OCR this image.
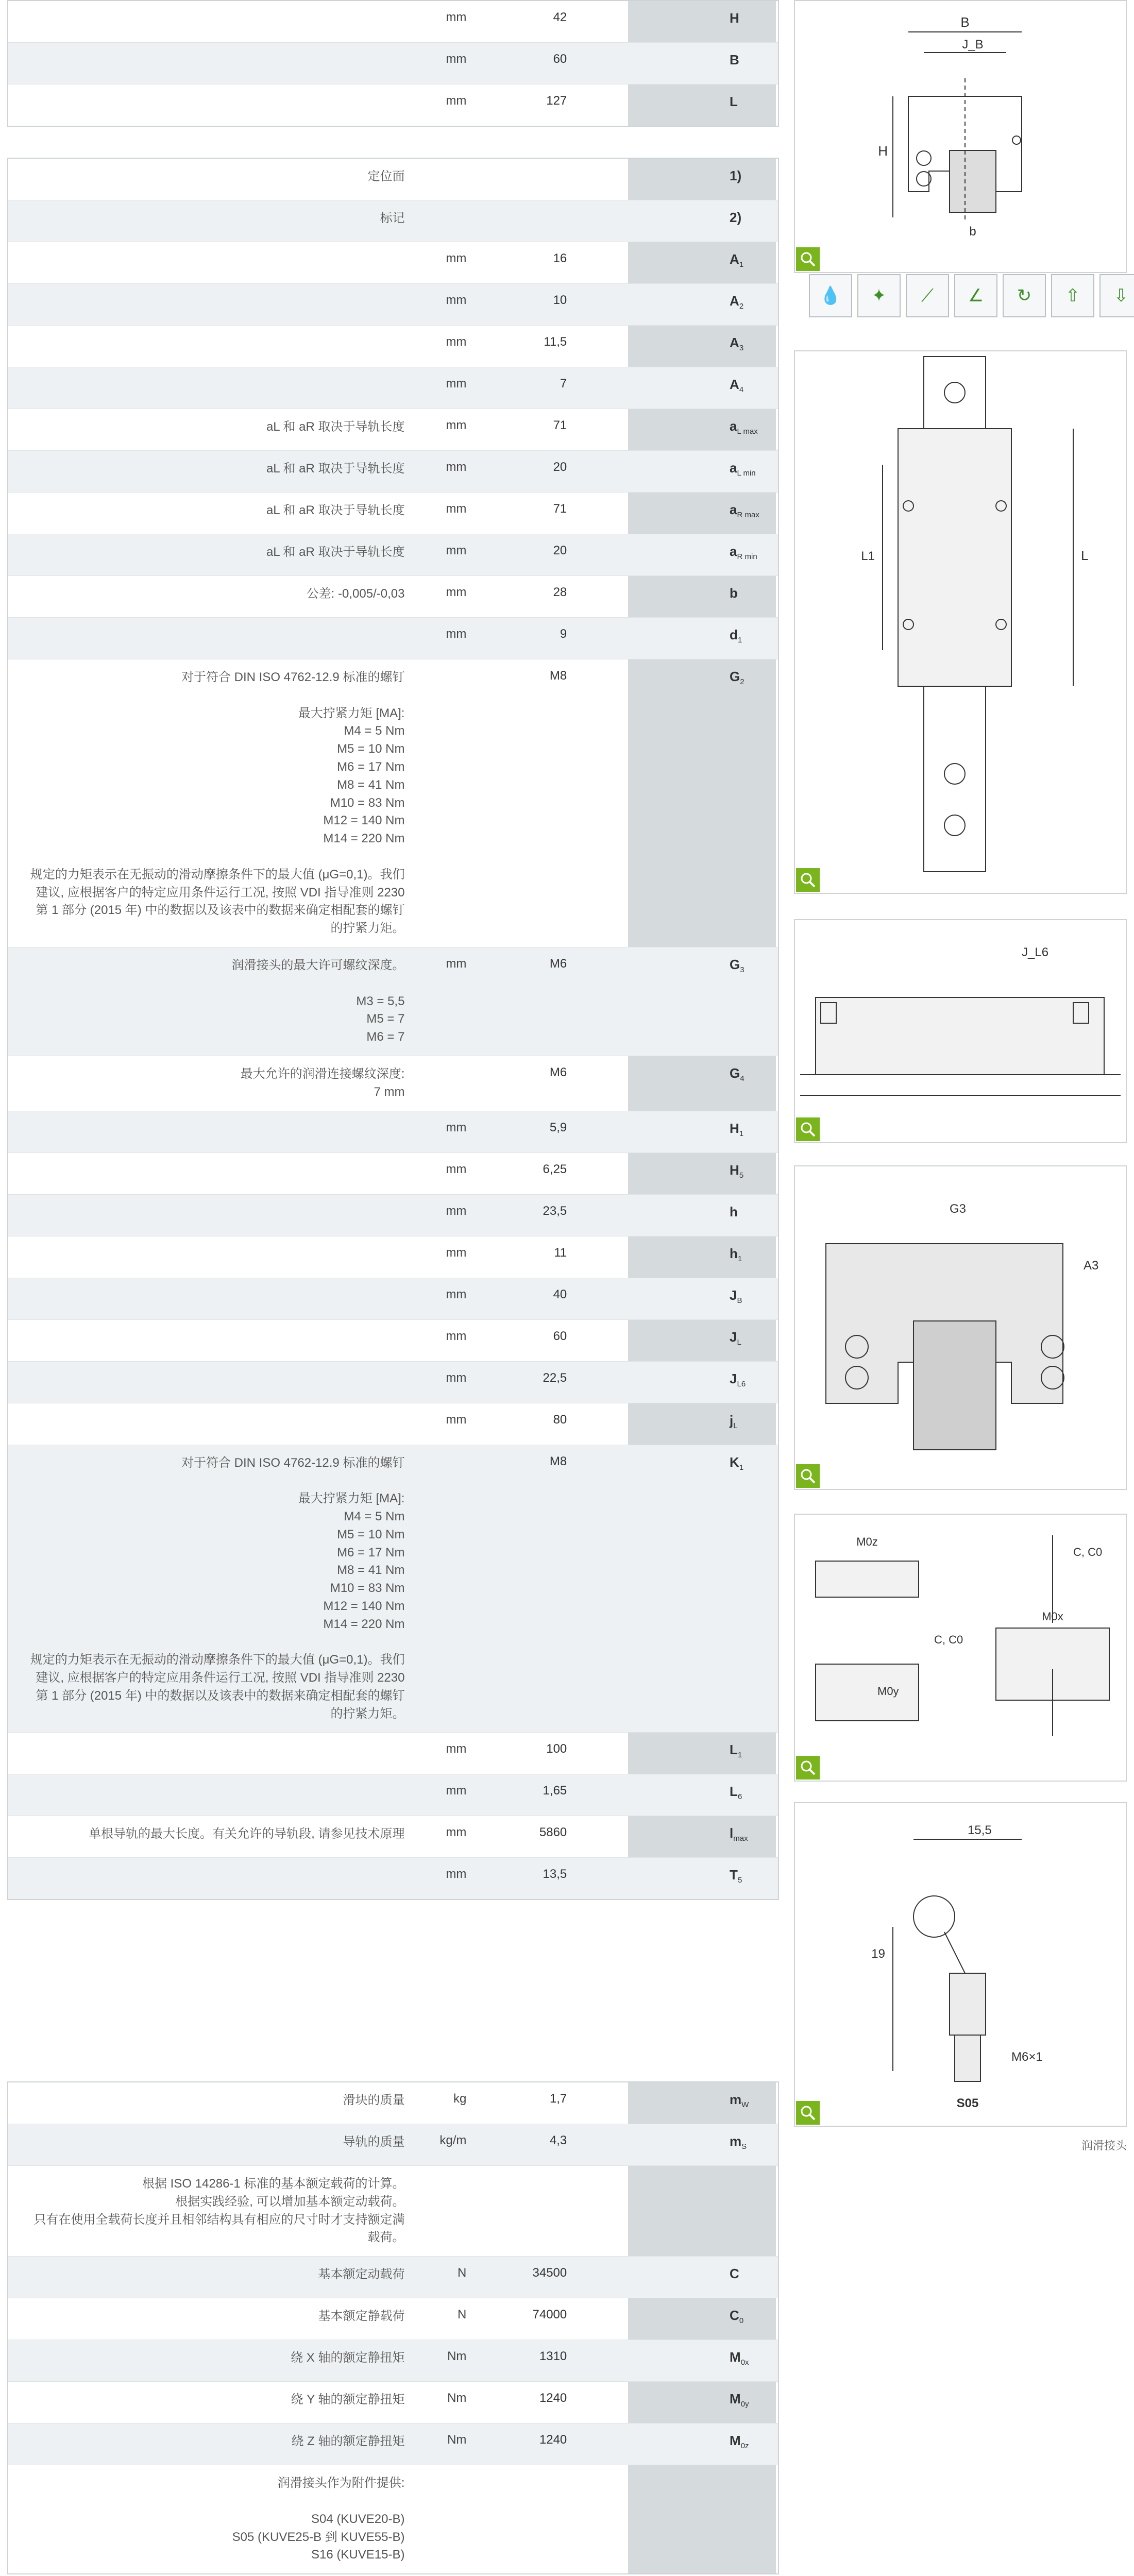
mm	42	H
mm	60	B
mm	127	L
定位面	1)
标记	2)
mm	16	$A_1$
mm	10	$A_2$
mm	11,5	$A_3$
mm	7	$A_4$
aL 和 aR 取决于导轨长度	mm	71	$a_{L max}$
aL 和 aR 取决于导轨长度	mm	20	$a_{L min}$
aL 和 aR 取决于导轨长度	mm	71	$a_{R max}$
aL 和 aR 取决于导轨长度	mm	20	$a_{R min}$
公差: -0,005/-0,03	mm	28	b
mm	9	$d_1$
对于符合 DIN ISO 4762-12.9 标准的螺钉

最大拧紧力矩 [MA]:
M4 = 5 Nm
M5 = 10 Nm
M6 = 17 Nm
M8 = 41 Nm
M10 = 83 Nm
M12 = 140 Nm
M14 = 220 Nm

规定的力矩表示在无振动的滑动摩擦条件下的最大值 (μG=0,1)。我们建议, 应根据客户的特定应用条件运行工况, 按照 VDI 指导准则 2230 第 1 部分 (2015 年) 中的数据以及该表中的数据来确定相配套的螺钉的拧紧力矩。
M8	$G_2$
润滑接头的最大许可螺纹深度。

M3 = 5,5
M5 = 7
M6 = 7
mm	M6	$G_3$
最大允许的润滑连接螺纹深度:
7 mm
M6	$G_4$
mm	5,9	$H_1$
mm	6,25	$H_5$
mm	23,5	h
mm	11	$h_1$
mm	40	$J_B$
mm	60	$J_L$
mm	22,5	$J_{L6}$
mm	80	$j_L$
对于符合 DIN ISO 4762-12.9 标准的螺钉

最大拧紧力矩 [MA]:
M4 = 5 Nm
M5 = 10 Nm
M6 = 17 Nm
M8 = 41 Nm
M10 = 83 Nm
M12 = 140 Nm
M14 = 220 Nm

规定的力矩表示在无振动的滑动摩擦条件下的最大值 (μG=0,1)。我们建议, 应根据客户的特定应用条件运行工况, 按照 VDI 指导准则 2230 第 1 部分 (2015 年) 中的数据以及该表中的数据来确定相配套的螺钉的拧紧力矩。
M8	$K_1$
mm	100	$L_1$
mm	1,65	$L_6$
单根导轨的最大长度。有关允许的导轨段, 请参见技术原理	mm	5860	$l_{max}$
mm	13,5	$T_5$
滑块的质量	kg	1,7	$m_W$
导轨的质量	kg/m	4,3	$m_S$
根据 ISO 14286-1 标准的基本额定载荷的计算。
根据实践经验, 可以增加基本额定动载荷。
只有在使用全载荷长度并且相邻结构具有相应的尺寸时才支持额定满载荷。
基本额定动载荷	N	34500	C
基本额定静载荷	N	74000	$C_0$
绕 X 轴的额定静扭矩	Nm	1310	$M_{0x}$
绕 Y 轴的额定静扭矩	Nm	1240	$M_{0y}$
绕 Z 轴的额定静扭矩	Nm	1240	$M_{0z}$
润滑接头作为附件提供:

S04 (KUVE20-B)
S05 (KUVE25-B 到 KUVE55-B)
S16 (KUVE15-B)
B
J_B
H
b
💧	✦	⟋	∠	↻	⇧	⇩
L
L1
J_L6
G3
A3
M0z
C, C0
M0x
C, C0
M0y
15,5
19
M6×1
S05
润滑接头
